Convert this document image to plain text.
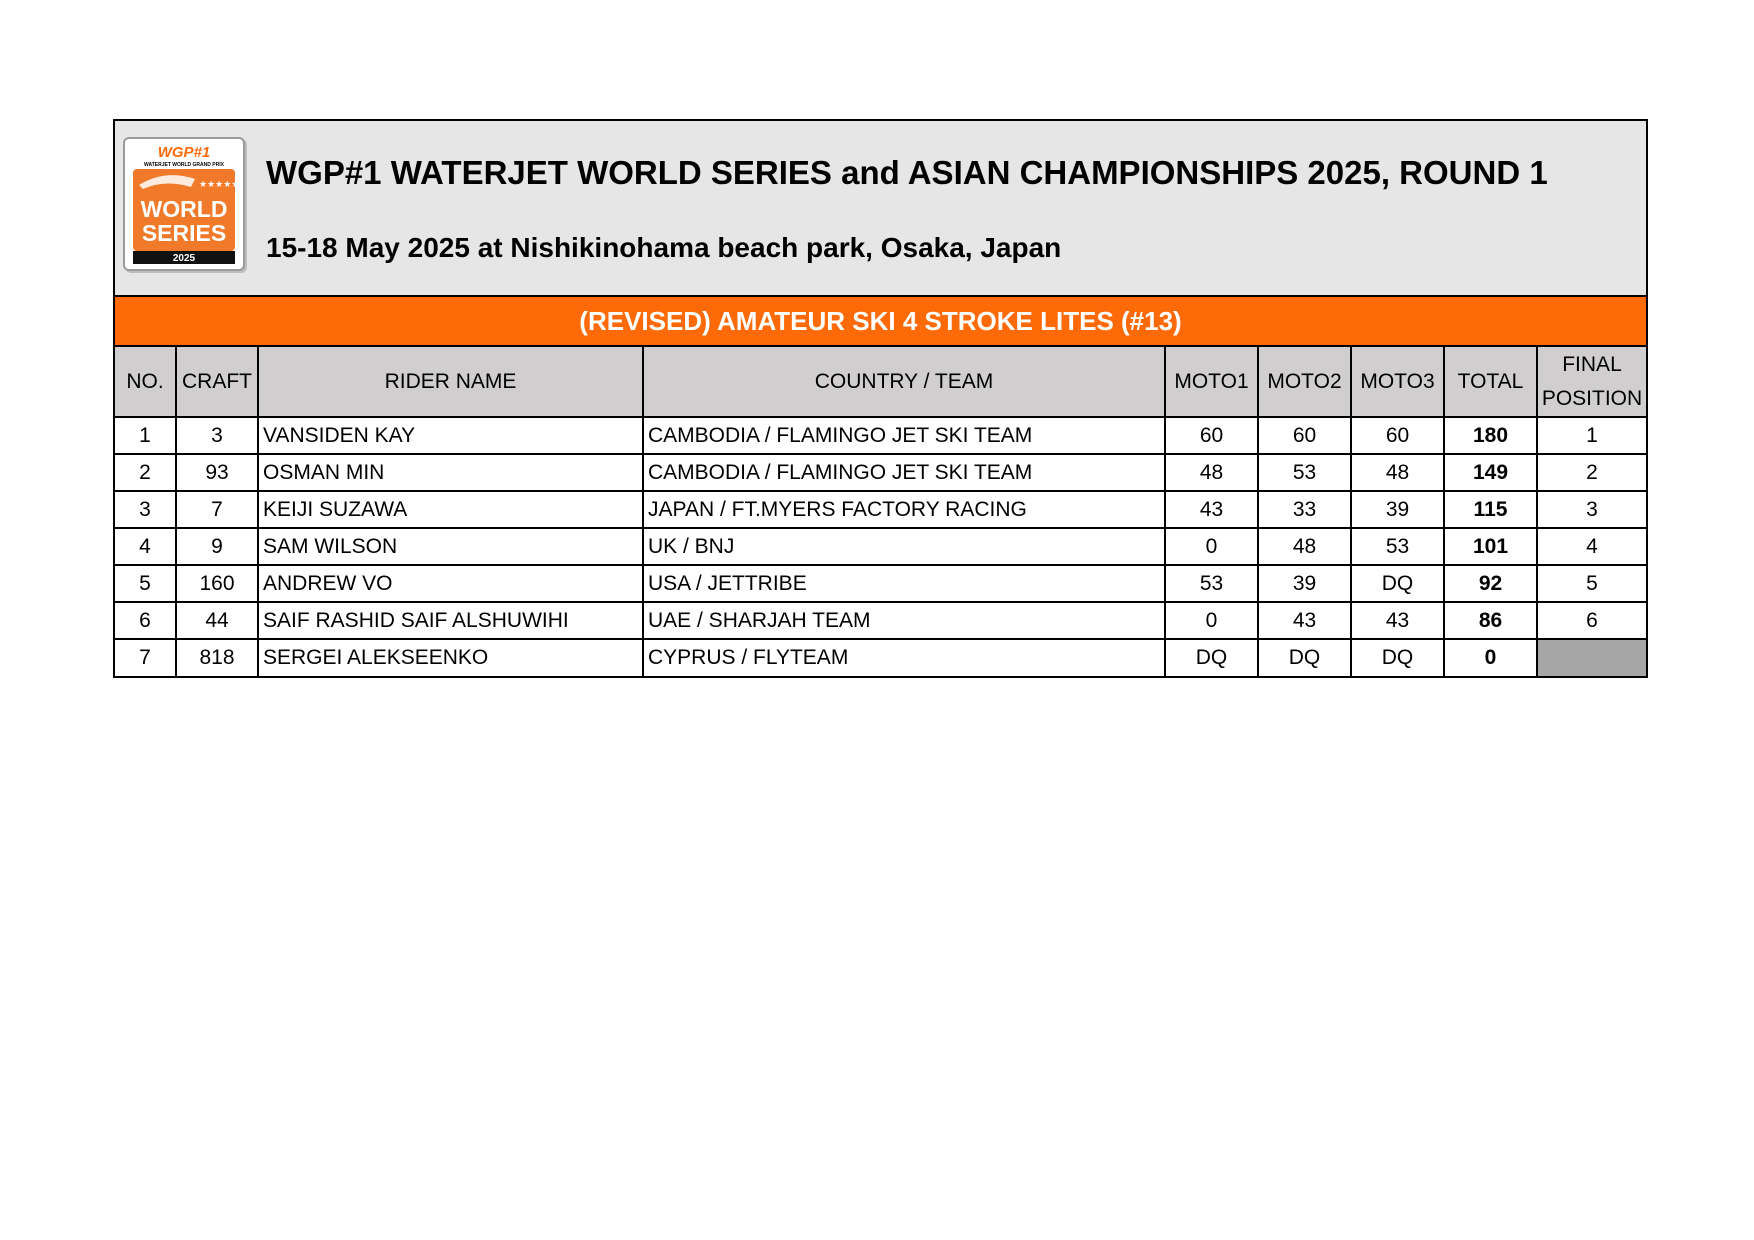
WGP#1
WATERJET WORLD GRAND PRIX
★★★★★
WORLD
SERIES
2025
WGP#1 WATERJET WORLD SERIES and ASIAN CHAMPIONSHIPS 2025, ROUND 1
15-18 May 2025 at Nishikinohama beach park, Osaka, Japan
(REVISED) AMATEUR SKI 4 STROKE LITES (#13)
NO.	CRAFT	RIDER NAME	COUNTRY / TEAM	MOTO1	MOTO2	MOTO3	TOTAL	FINAL
POSITION
1	3	VANSIDEN KAY	CAMBODIA / FLAMINGO JET SKI TEAM	60	60	60	180	1
2	93	OSMAN MIN	CAMBODIA / FLAMINGO JET SKI TEAM	48	53	48	149	2
3	7	KEIJI SUZAWA	JAPAN / FT.MYERS FACTORY RACING	43	33	39	115	3
4	9	SAM WILSON	UK / BNJ	0	48	53	101	4
5	160	ANDREW VO	USA / JETTRIBE	53	39	DQ	92	5
6	44	SAIF RASHID SAIF ALSHUWIHI	UAE / SHARJAH TEAM	0	43	43	86	6
7	818	SERGEI ALEKSEENKO	CYPRUS / FLYTEAM	DQ	DQ	DQ	0	
